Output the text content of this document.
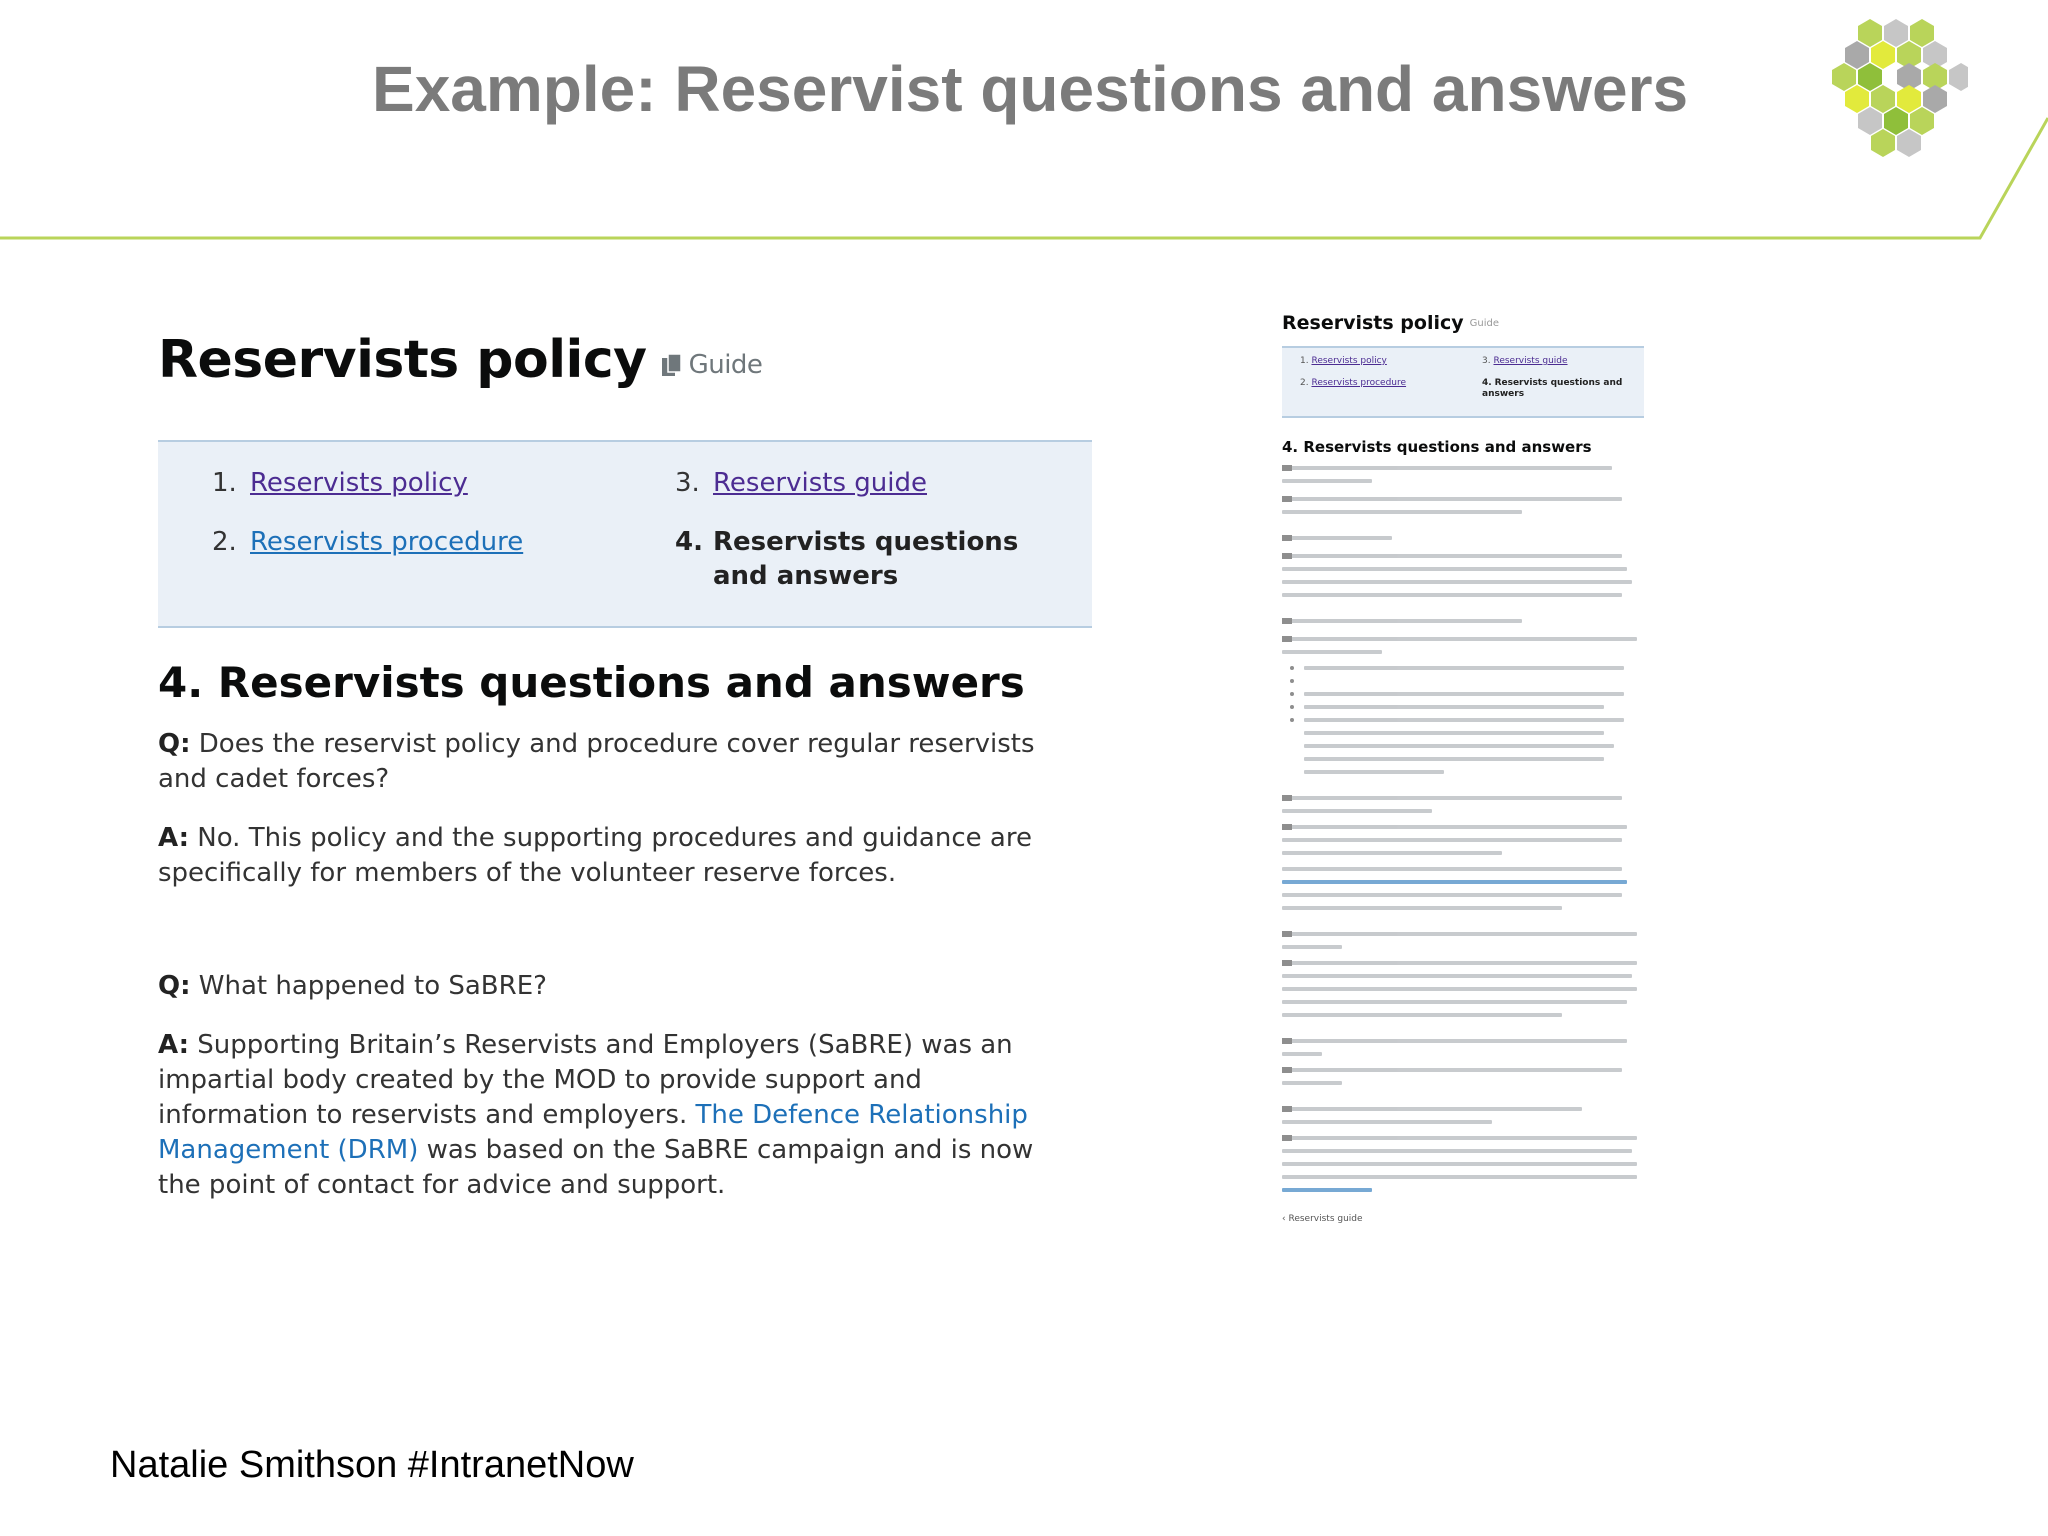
Example: Reservist questions and answers
Reservists policy Guide
1. Reservists policy
2. Reservists procedure
3. Reservists guide
4. Reservists questions and answers
4. Reservists questions and answers

Q: Does the reservist policy and procedure cover regular reservists and cadet forces?

A: No. This policy and the supporting procedures and guidance are specifically for members of the volunteer reserve forces.

Q: What happened to SaBRE?

A: Supporting Britain’s Reservists and Employers (SaBRE) was an impartial body created by the MOD to provide support and information to reservists and employers. The Defence Relationship Management (DRM) was based on the SaBRE campaign and is now the point of contact for advice and support.

Reservists policy Guide
1. Reservists policy
2. Reservists procedure
3. Reservists guide
4. Reservists questions and answers
4. Reservists questions and answers
‹ Reservists guide
Natalie Smithson #IntranetNow
